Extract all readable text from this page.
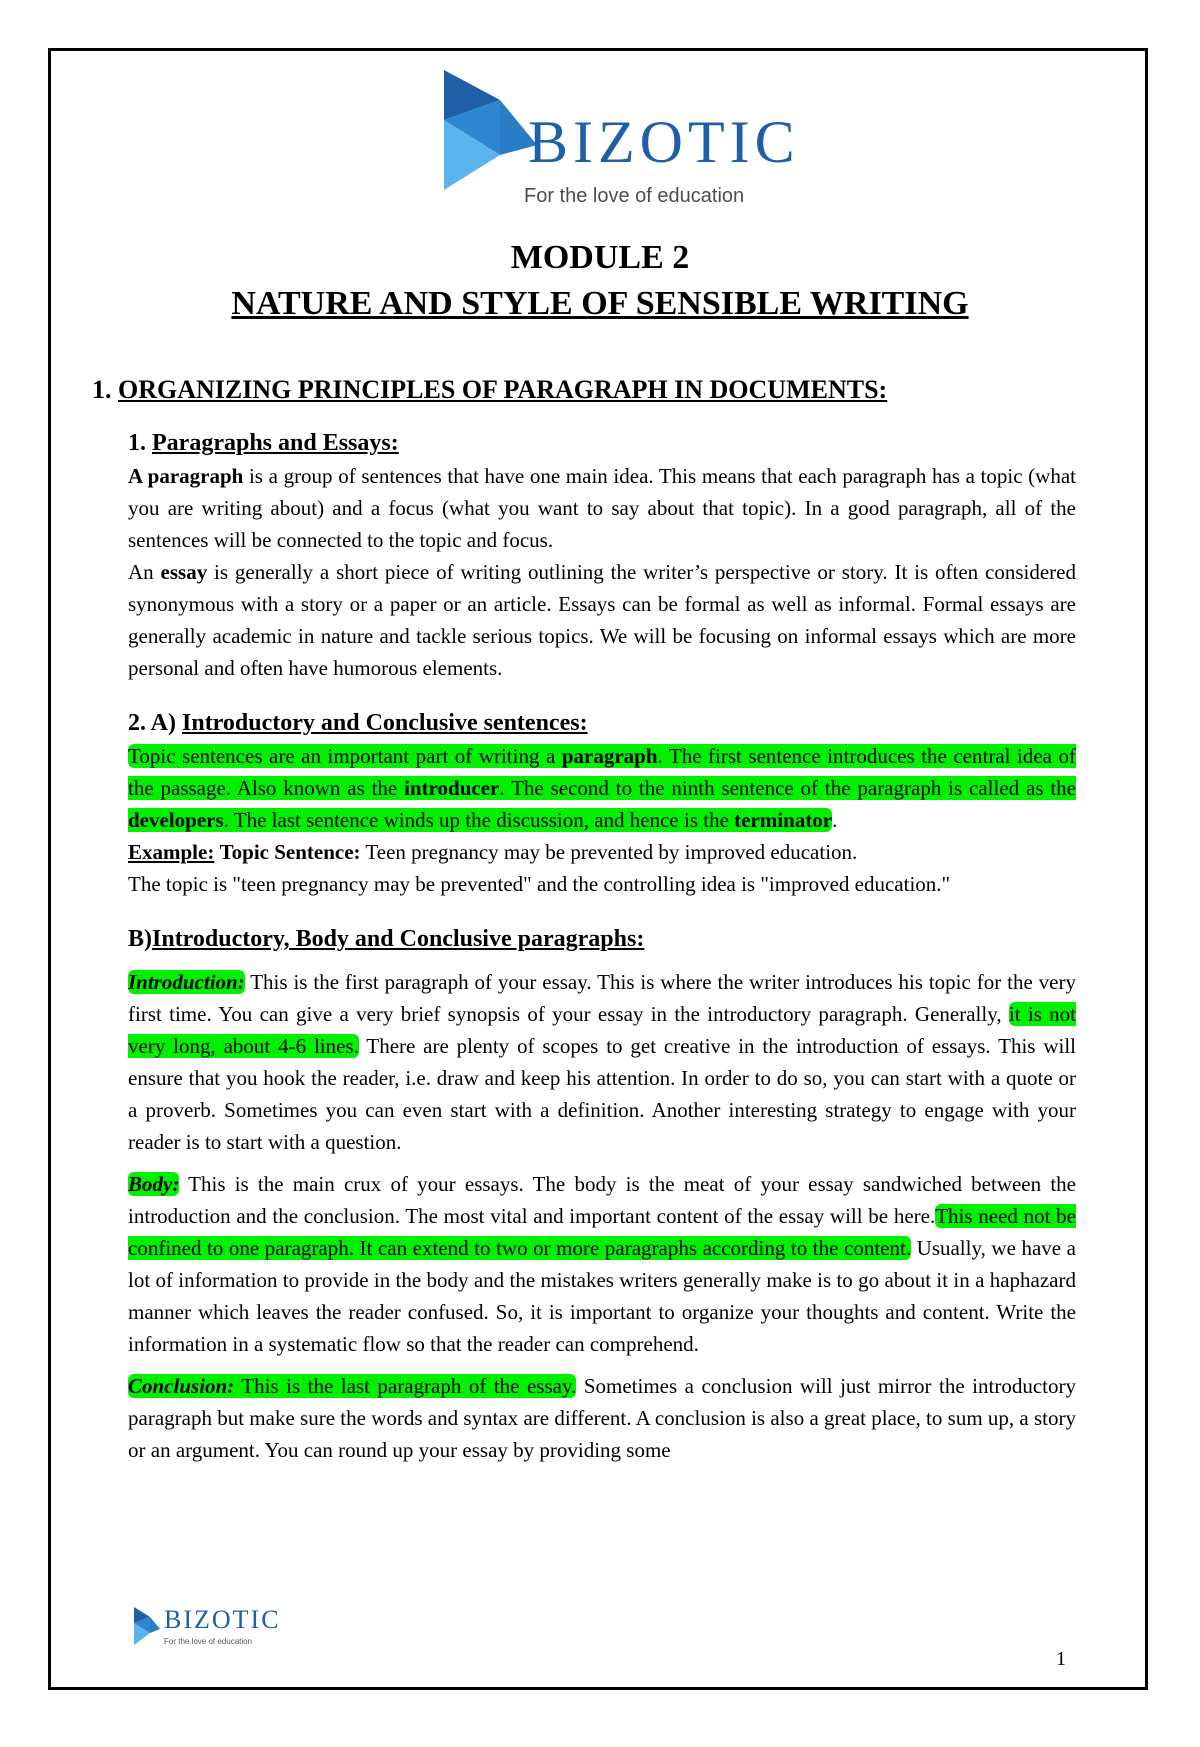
BIZOTIC
For the love of education
MODULE 2
NATURE AND STYLE OF SENSIBLE WRITING
1. ORGANIZING PRINCIPLES OF PARAGRAPH IN DOCUMENTS:
1. Paragraphs and Essays:

A paragraph is a group of sentences that have one main idea. This means that each paragraph has a topic (what you are writing about) and a focus (what you want to say about that topic). In a good paragraph, all of the sentences will be connected to the topic and focus.

An essay is generally a short piece of writing outlining the writer’s perspective or story. It is often considered synonymous with a story or a paper or an article. Essays can be formal as well as informal. Formal essays are generally academic in nature and tackle serious topics. We will be focusing on informal essays which are more personal and often have humorous elements.

2. A) Introductory and Conclusive sentences:

Topic sentences are an important part of writing a paragraph. The first sentence introduces the central idea of the passage. Also known as the introducer. The second to the ninth sentence of the paragraph is called as the developers. The last sentence winds up the discussion, and hence is the terminator.

Example: Topic Sentence: Teen pregnancy may be prevented by improved education.

The topic is "teen pregnancy may be prevented" and the controlling idea is "improved education."

B)Introductory, Body and Conclusive paragraphs:

Introduction: This is the first paragraph of your essay. This is where the writer introduces his topic for the very first time. You can give a very brief synopsis of your essay in the introductory paragraph. Generally, it is not very long, about 4-6 lines. There are plenty of scopes to get creative in the introduction of essays. This will ensure that you hook the reader, i.e. draw and keep his attention. In order to do so, you can start with a quote or a proverb. Sometimes you can even start with a definition. Another interesting strategy to engage with your reader is to start with a question.

Body: This is the main crux of your essays. The body is the meat of your essay sandwiched between the introduction and the conclusion. The most vital and important content of the essay will be here.This need not be confined to one paragraph. It can extend to two or more paragraphs according to the content. Usually, we have a lot of information to provide in the body and the mistakes writers generally make is to go about it in a haphazard manner which leaves the reader confused. So, it is important to organize your thoughts and content. Write the information in a systematic flow so that the reader can comprehend.

Conclusion: This is the last paragraph of the essay. Sometimes a conclusion will just mirror the introductory paragraph but make sure the words and syntax are different. A conclusion is also a great place, to sum up, a story or an argument. You can round up your essay by providing some

BIZOTIC
For the love of education
1
